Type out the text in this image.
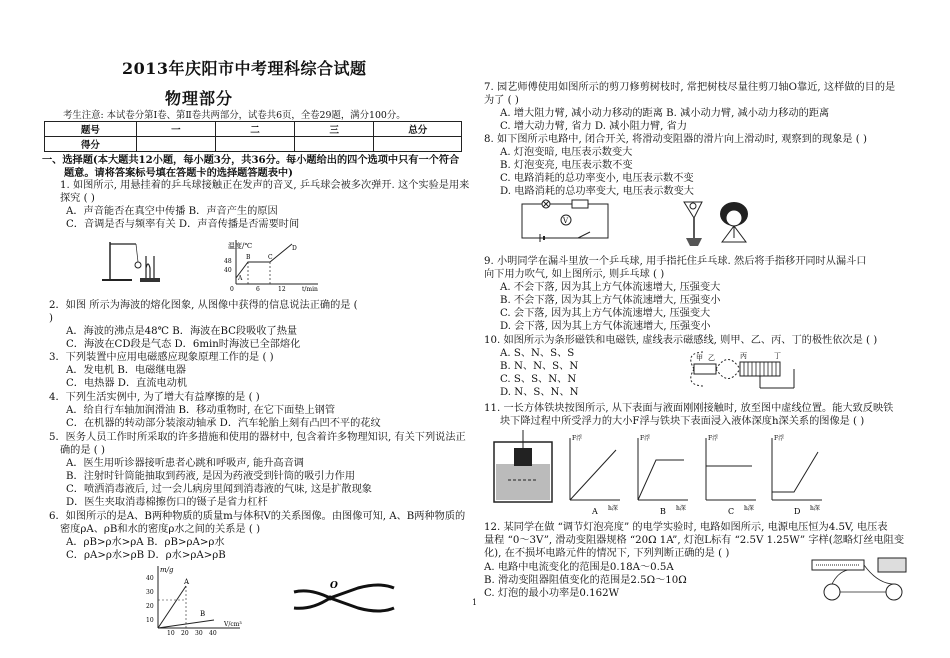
2013年庆阳市中考理科综合试题
物理部分
考生注意: 本试卷分第Ⅰ卷、第Ⅱ卷共两部分，试卷共6页，全卷29题，满分100分。
题号	一	二	三	总分
得分				
一、选择题(本大题共12小题，每小题3分，共36分。每小题给出的四个选项中只有一个符合
题意。请将答案标号填在答题卡的选择题答题表中)
1. 如图所示, 用悬挂着的乒乓球接触正在发声的音叉, 乒乓球会被多次弹开. 这个实验是用来
探究 ( )
A．声音能否在真空中传播 B．声音产生的原因
C．音调是否与频率有关 D．声音传播是否需要时间
温度/℃
t/min
48
40
0	6	12
A
B	C
D
2．如图 所示为海波的熔化图象, 从图像中获得的信息说法正确的是 (
)
A．海波的沸点是48℃ B．海波在BC段吸收了热量
C．海波在CD段是气态 D．6min时海波已全部熔化
3．下列装置中应用电磁感应现象原理工作的是 ( )
A．发电机 B．电磁继电器
C．电热器 D．直流电动机
4．下列生活实例中, 为了增大有益摩擦的是 ( )
A．给自行车轴加润滑油 B．移动重物时, 在它下面垫上钢管
C．在机器的转动部分装滚动轴承 D．汽车轮胎上刻有凸凹不平的花纹
5．医务人员工作时所采取的许多措施和使用的器材中, 包含着许多物理知识, 有关下列说法正
确的是 ( )
A．医生用听诊器接听患者心跳和呼吸声, 能升高音调
B．注射时针筒能抽取到药液, 是因为药液受到针筒的吸引力作用
C．喷洒消毒液后, 过一会儿病房里闻到消毒液的气味, 这是扩散现象
D．医生夹取消毒棉擦伤口的镊子是省力杠杆
6．如图所示的是A、B两种物质的质量m与体积V的关系图像。由图像可知, A、B两种物质的
密度ρA、ρB和水的密度ρ水之间的关系是 ( )
A．ρB>ρ水>ρA B．ρB>ρA>ρ水
C．ρA>ρ水>ρB D．ρ水>ρA>ρB
m/g
V/cm³
40
30
20
10
10 20 30 40
A
B
O
7. 园艺师傅使用如图所示的剪刀修剪树枝时, 常把树枝尽量往剪刀轴O靠近, 这样做的目的是
为了 ( )
A. 增大阻力臂, 减小动力移动的距离 B. 减小动力臂, 减小动力移动的距离
C. 增大动力臂, 省力 D. 减小阻力臂, 省力
8. 如下图所示电路中, 闭合开关, 将滑动变阻器的滑片向上滑动时, 观察到的现象是 ( )
A. 灯泡变暗, 电压表示数变大
B. 灯泡变亮, 电压表示数不变
C. 电路消耗的总功率变小, 电压表示数不变
D. 电路消耗的总功率变大, 电压表示数变大
V
9. 小明同学在漏斗里放一个乒乓球, 用手指托住乒乓球. 然后将手指移开同时从漏斗口
向下用力吹气, 如上图所示, 则乒乓球 ( )
A. 不会下落, 因为其上方气体流速增大, 压强变大
B. 不会下落, 因为其上方气体流速增大, 压强变小
C. 会下落, 因为其上方气体流速增大, 压强变大
D. 会下落, 因为其上方气体流速增大, 压强变小
10. 如图所示为条形磁铁和电磁铁, 虚线表示磁感线, 则甲、乙、丙、丁的极性依次是 ( )
A. S、N、S、S
B. N、N、S、N
C. S、S、N、N
D. N、S、N、N
甲 乙	丙	丁
11. 一长方体铁块按图所示, 从下表面与液面刚刚接触时, 放至图中虚线位置。能大致反映铁
块下降过程中所受浮力的大小F浮与铁块下表面浸入液体深度h深关系的图像是 ( )
F浮
h深
A
F浮
h深
B
F浮
h深
C
F浮
h深
D
12. 某同学在做 “调节灯泡亮度” 的电学实验时, 电路如图所示, 电源电压恒为4.5V, 电压表
量程 “0～3V”, 滑动变阻器规格 “20Ω 1A”, 灯泡L标有 “2.5V 1.25W” 字样(忽略灯丝电阻变
化), 在不损坏电路元件的情况下, 下列判断正确的是 ( )
A. 电路中电流变化的范围是0.18A～0.5A
B. 滑动变阻器阻值变化的范围是2.5Ω～10Ω
C. 灯泡的最小功率是0.162W
1
